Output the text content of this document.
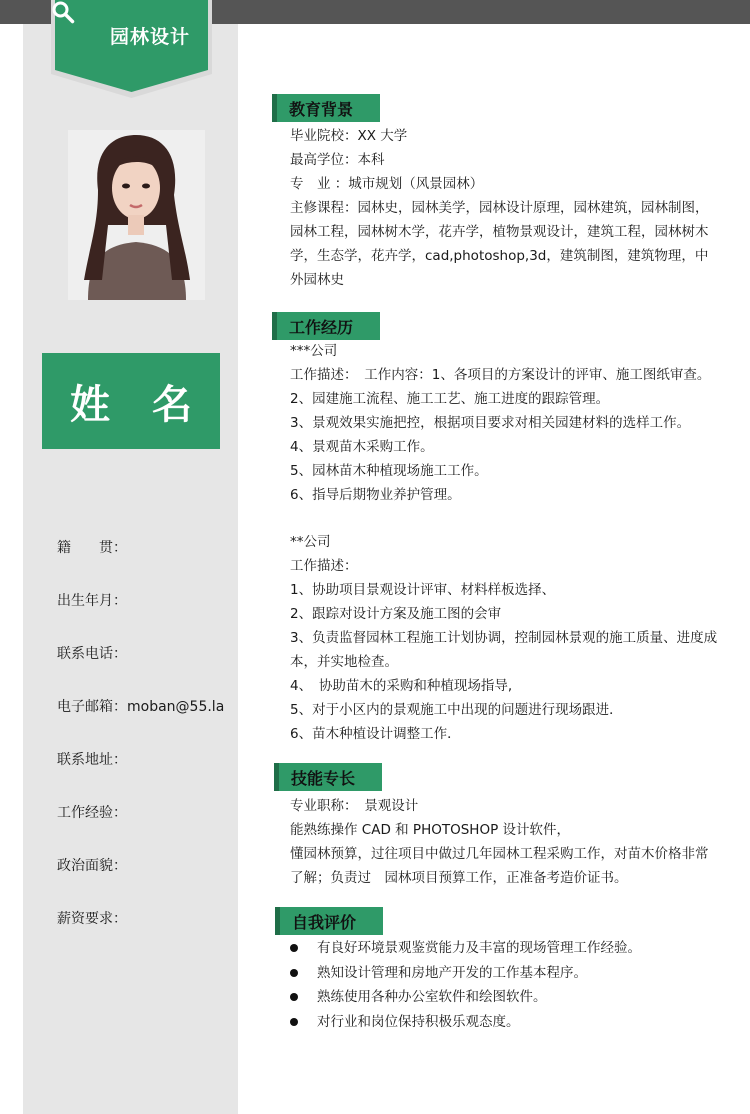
园林设计
姓 名
籍　　贯：
出生年月：
联系电话：
电子邮箱：moban@55.la
联系地址：
工作经验：
政治面貌：
薪资要求：
教育背景

毕业院校：XX 大学

最高学位：本科

专　业 ：城市规划（风景园林）

主修课程：园林史，园林美学，园林设计原理，园林建筑，园林制图，园林工程，园林树木学，花卉学，植物景观设计，建筑工程，园林树木学，生态学，花卉学，cad,photoshop,3d，建筑制图，建筑物理，中外园林史

工作经历

***公司

工作描述：　工作内容：1、各项目的方案设计的评审、施工图纸审查。

2、园建施工流程、施工工艺、施工进度的跟踪管理。

3、景观效果实施把控，根据项目要求对相关园建材料的选样工作。

4、景观苗木采购工作。

5、园林苗木种植现场施工工作。

6、指导后期物业养护管理。

**公司

工作描述：

1、协助项目景观设计评审、材料样板选择、

2、跟踪对设计方案及施工图的会审

3、负责监督园林工程施工计划协调，控制园林景观的施工质量、进度成本，并实地检查。

4、　协助苗木的采购和种植现场指导,

5、对于小区内的景观施工中出现的问题进行现场跟进．

6、苗木种植设计调整工作．

技能专长

专业职称：　景观设计

能熟练操作 CAD 和 PHOTOSHOP 设计软件，

懂园林预算，过往项目中做过几年园林工程采购工作，对苗木价格非常了解；负责过　园林项目预算工作，正准备考造价证书。

自我评价
有良好环境景观鉴赏能力及丰富的现场管理工作经验。
熟知设计管理和房地产开发的工作基本程序。
熟练使用各种办公室软件和绘图软件。
对行业和岗位保持积极乐观态度。
